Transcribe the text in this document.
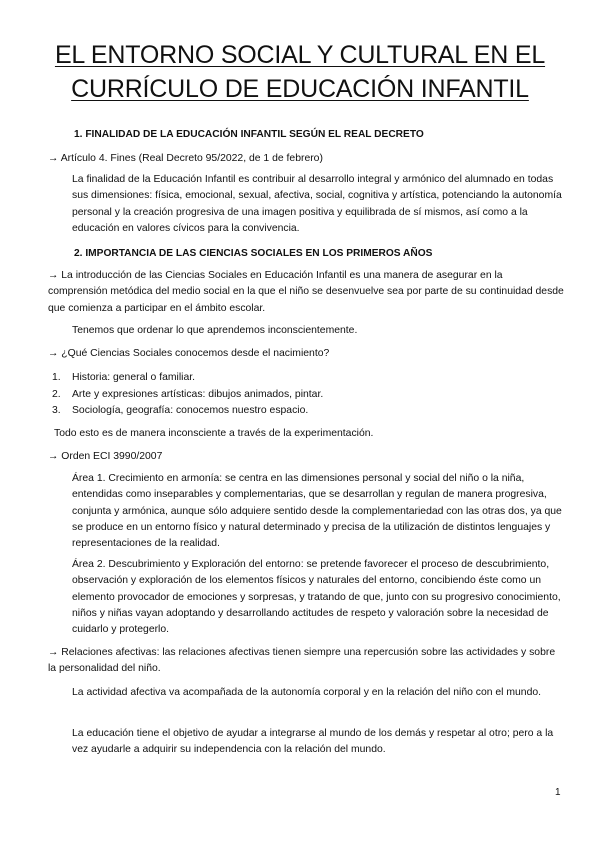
EL ENTORNO SOCIAL Y CULTURAL EN EL
CURRÍCULO DE EDUCACIÓN INFANTIL

1. FINALIDAD DE LA EDUCACIÓN INFANTIL SEGÚN EL REAL DECRETO

→ Artículo 4. Fines (Real Decreto 95/2022, de 1 de febrero)

La finalidad de la Educación Infantil es contribuir al desarrollo integral y armónico del alumnado en todas sus dimensiones: física, emocional, sexual, afectiva, social, cognitiva y artística, potenciando la autonomía personal y la creación progresiva de una imagen positiva y equilibrada de sí mismos, así como a la educación en valores cívicos para la convivencia.

2. IMPORTANCIA DE LAS CIENCIAS SOCIALES EN LOS PRIMEROS AÑOS

→ La introducción de las Ciencias Sociales en Educación Infantil es una manera de asegurar en la comprensión metódica del medio social en la que el niño se desenvuelve sea por parte de su continuidad desde que comienza a participar en el ámbito escolar.

Tenemos que ordenar lo que aprendemos inconscientemente.

→ ¿Qué Ciencias Sociales conocemos desde el nacimiento?

1. Historia: general o familiar.
2. Arte y expresiones artísticas: dibujos animados, pintar.
3. Sociología, geografía: conocemos nuestro espacio.

Todo esto es de manera inconsciente a través de la experimentación.

→ Orden ECI 3990/2007

Área 1. Crecimiento en armonía: se centra en las dimensiones personal y social del niño o la niña, entendidas como inseparables y complementarias, que se desarrollan y regulan de manera progresiva, conjunta y armónica, aunque sólo adquiere sentido desde la complementariedad con las otras dos, ya que se produce en un entorno físico y natural determinado y precisa de la utilización de distintos lenguajes y representaciones de la realidad.

Área 2. Descubrimiento y Exploración del entorno: se pretende favorecer el proceso de descubrimiento, observación y exploración de los elementos físicos y naturales del entorno, concibiendo éste como un elemento provocador de emociones y sorpresas, y tratando de que, junto con su progresivo conocimiento, niños y niñas vayan adoptando y desarrollando actitudes de respeto y valoración sobre la necesidad de cuidarlo y protegerlo.

→ Relaciones afectivas: las relaciones afectivas tienen siempre una repercusión sobre las actividades y sobre la personalidad del niño.

La actividad afectiva va acompañada de la autonomía corporal y en la relación del niño con el mundo.

La educación tiene el objetivo de ayudar a integrarse al mundo de los demás y respetar al otro; pero a la vez ayudarle a adquirir su independencia con la relación del mundo.

1
